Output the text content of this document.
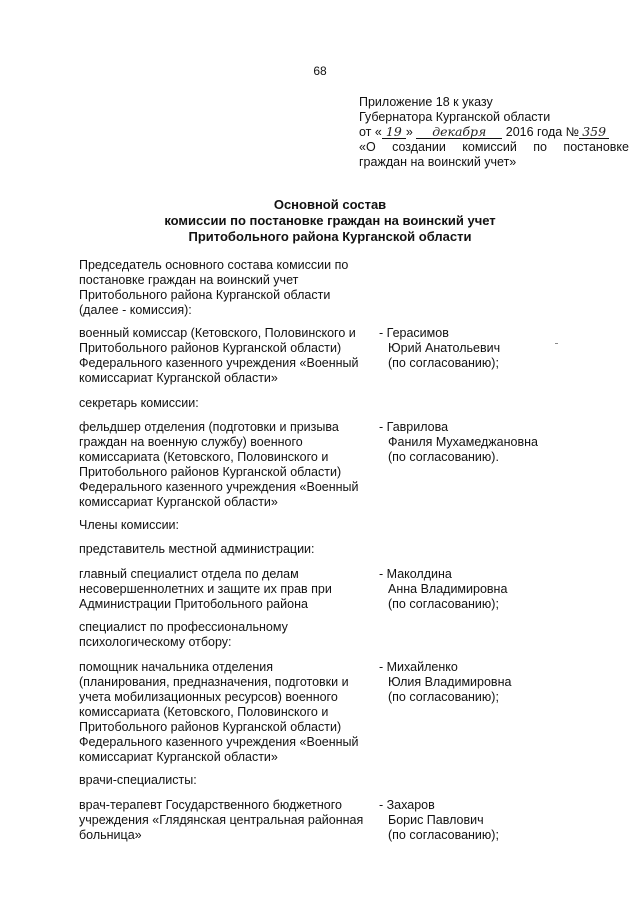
68
Приложение 18 к указу
Губернатора Курганской области
от « 19 » декабря 2016 года № 359
«О создании комиссий по постановке
граждан на воинский учет»
Основной состав
комиссии по постановке граждан на воинский учет
Притобольного района Курганской области
Председатель основного состава комиссии по
постановке граждан на воинский учет
Притобольного района Курганской области
(далее - комиссия):
военный комиссар (Кетовского, Половинского и
Притобольного районов Курганской области)
Федерального казенного учреждения «Военный
комиссариат Курганской области»
- Герасимов
Юрий Анатольевич
(по согласованию);
секретарь комиссии:
фельдшер отделения (подготовки и призыва
граждан на военную службу) военного
комиссариата (Кетовского, Половинского и
Притобольного районов Курганской области)
Федерального казенного учреждения «Военный
комиссариат Курганской области»
- Гаврилова
Фаниля Мухамеджановна
(по согласованию).
Члены комиссии:
представитель местной администрации:
главный специалист отдела по делам
несовершеннолетних и защите их прав при
Администрации Притобольного района
- Маколдина
Анна Владимировна
(по согласованию);
специалист по профессиональному
психологическому отбору:
помощник начальника отделения
(планирования, предназначения, подготовки и
учета мобилизационных ресурсов) военного
комиссариата (Кетовского, Половинского и
Притобольного районов Курганской области)
Федерального казенного учреждения «Военный
комиссариат Курганской области»
- Михайленко
Юлия Владимировна
(по согласованию);
врачи-специалисты:
врач-терапевт Государственного бюджетного
учреждения «Глядянская центральная районная
больница»
- Захаров
Борис Павлович
(по согласованию);
